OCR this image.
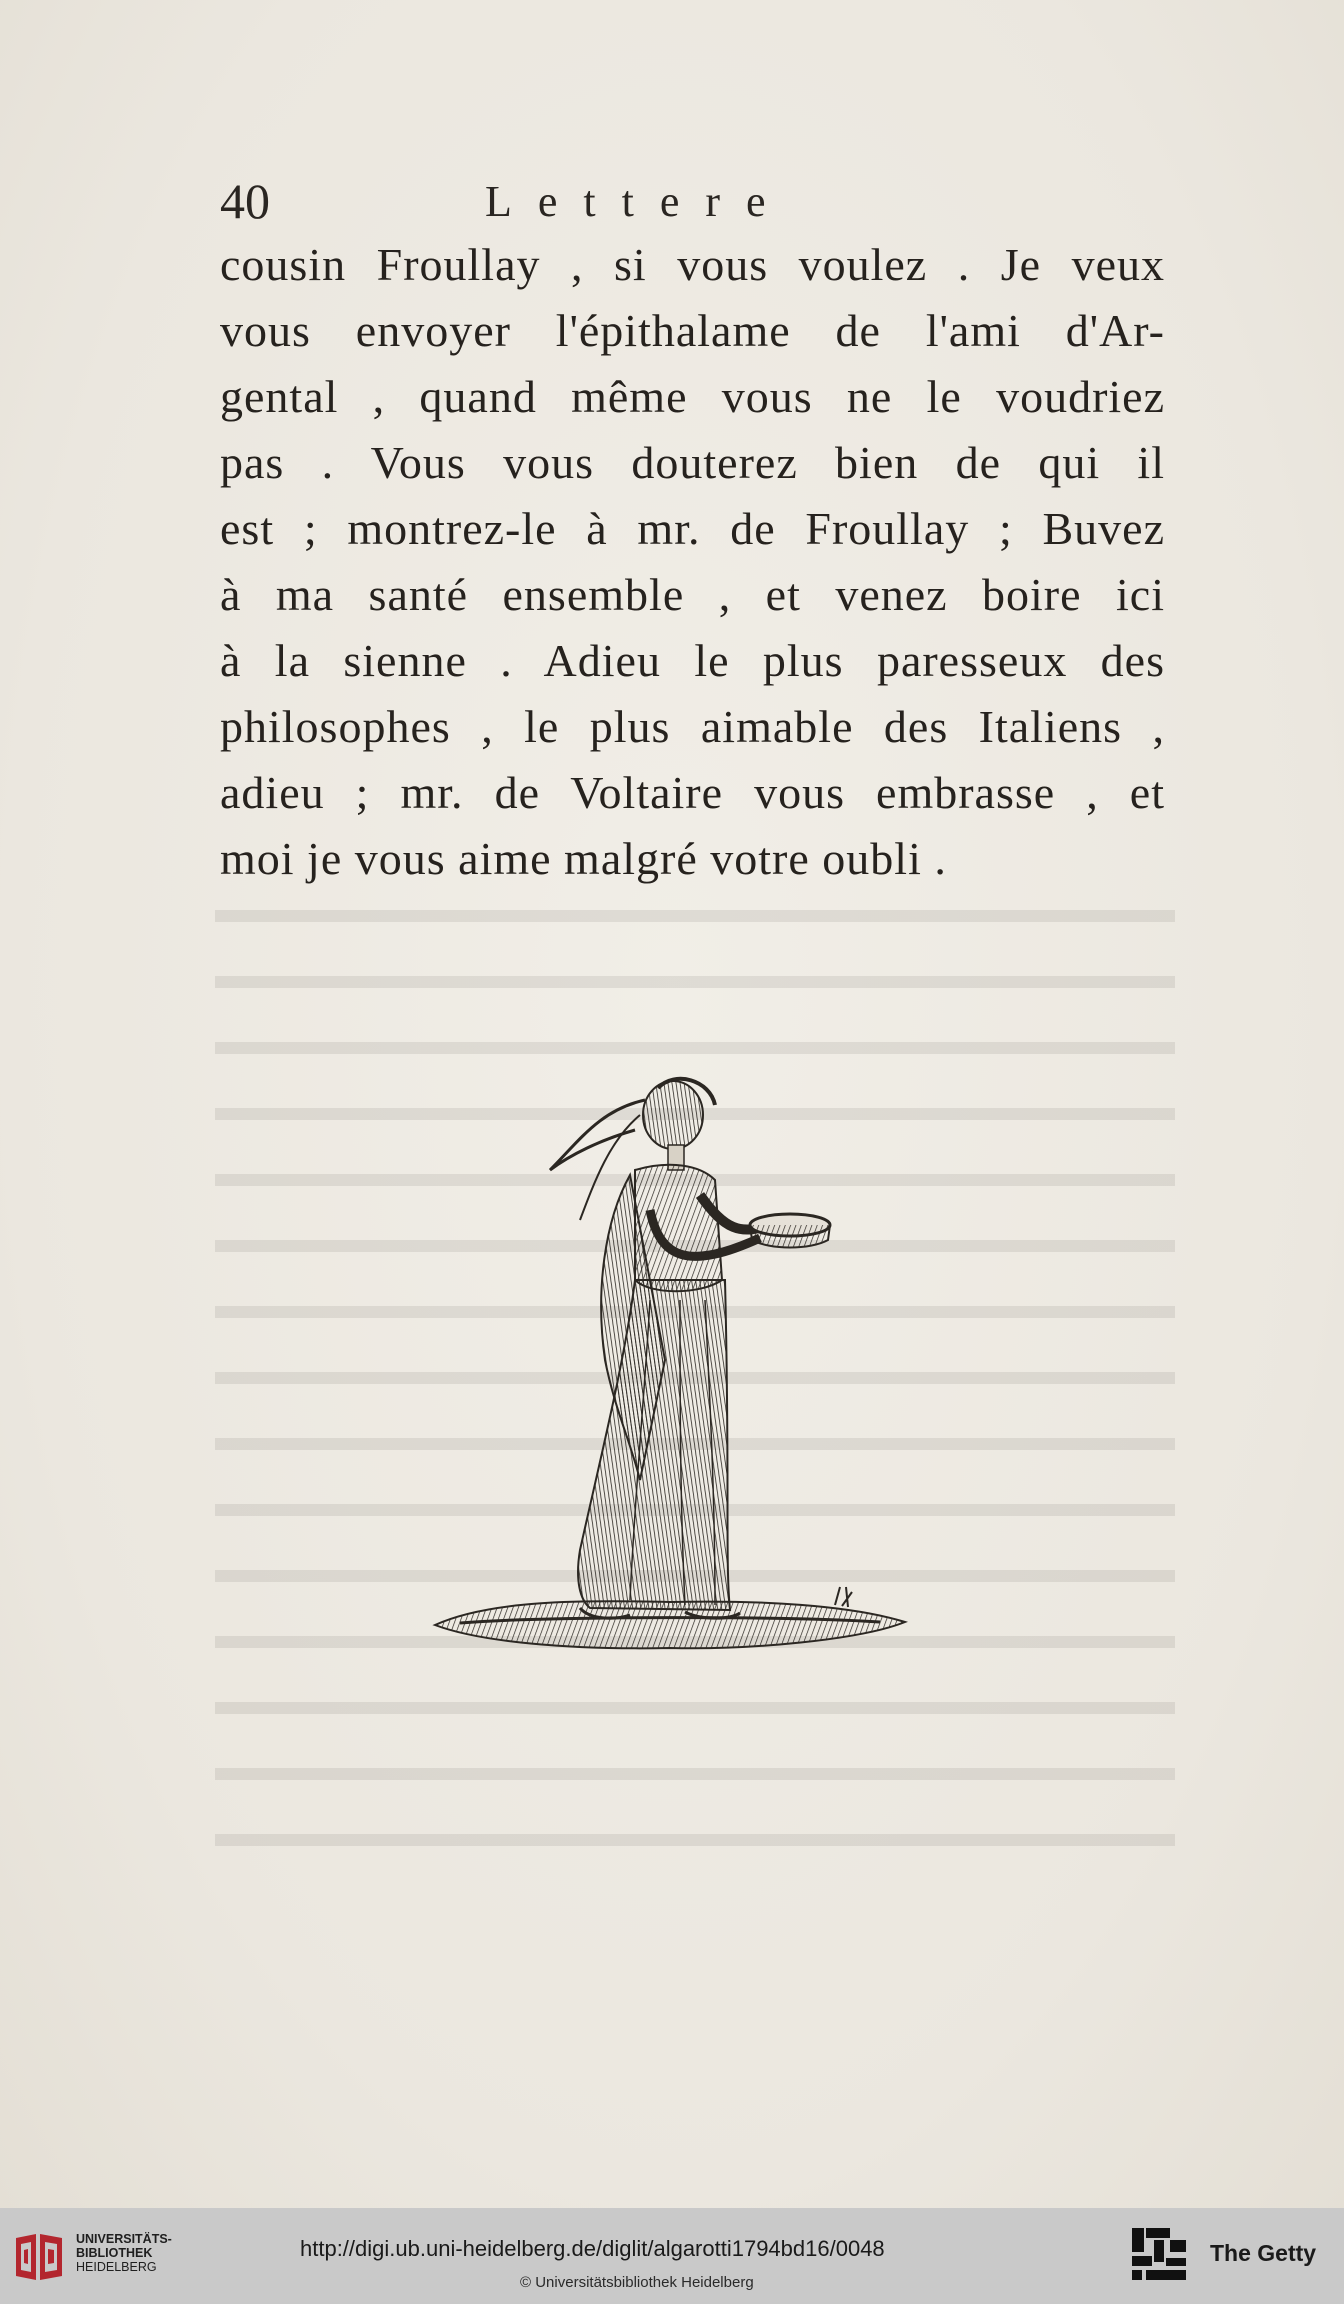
40	Lettere
cousin Froullay , si vous voulez . Je veux
vous envoyer l'épithalame de l'ami d'Ar-
gental , quand même vous ne le voudriez
pas . Vous vous douterez bien de qui il
est ; montrez-le à mr. de Froullay ; Buvez
à ma santé ensemble , et venez boire ici
à la sienne . Adieu le plus paresseux des
philosophes , le plus aimable des Italiens ,
adieu ; mr. de Voltaire vous embrasse , et
moi je vous aime malgré votre oubli .
UNIVERSITÄTS-
BIBLIOTHEK
HEIDELBERG
http://digi.ub.uni-heidelberg.de/diglit/algarotti1794bd16/0048
© Universitätsbibliothek Heidelberg
The Getty
